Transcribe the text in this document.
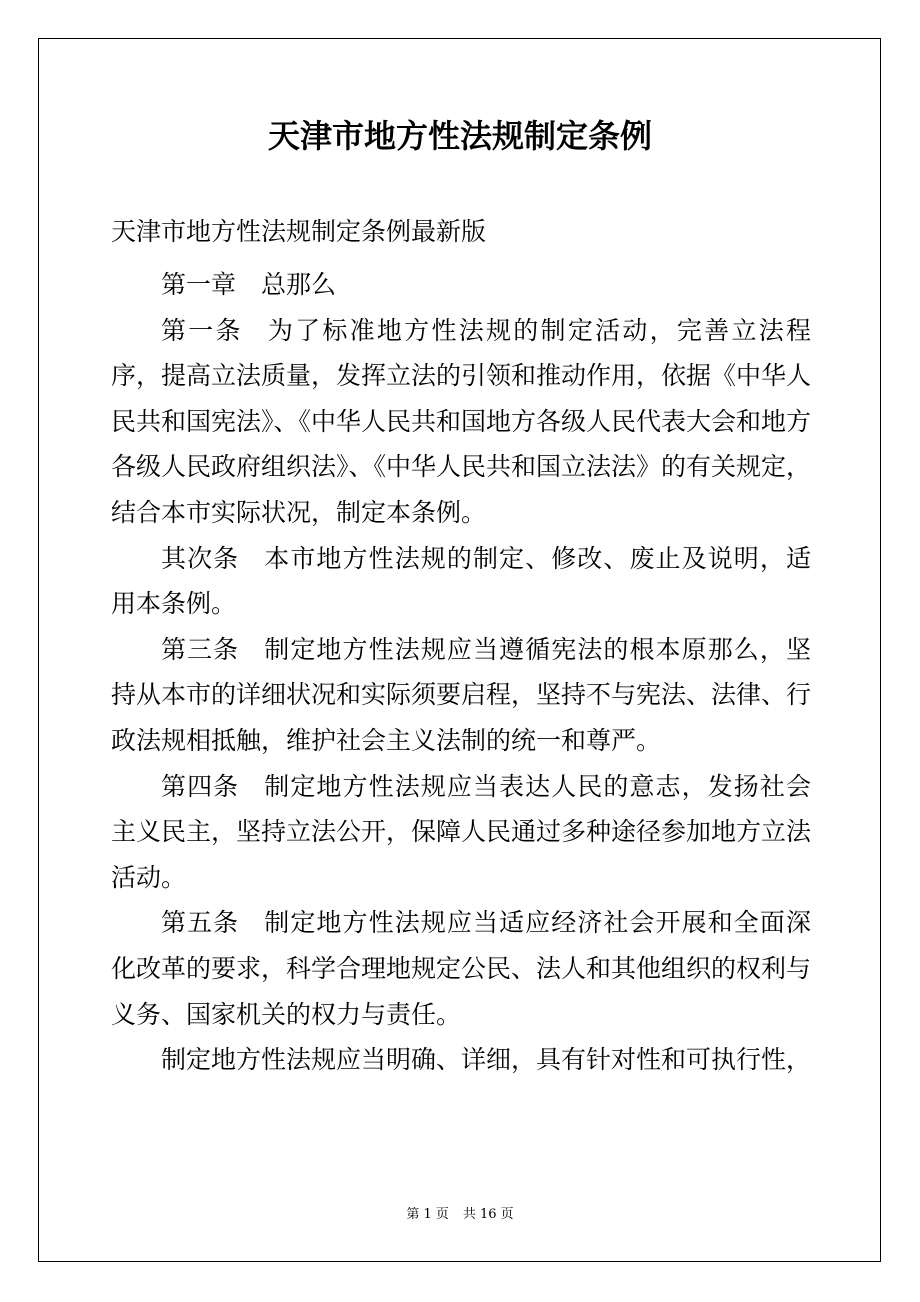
天津市地方性法规制定条例
天津市地方性法规制定条例最新版

第一章 总那么

第一条 为了标准地方性法规的制定活动，完善立法程序，提高立法质量，发挥立法的引领和推动作用，依据《中华人民共和国宪法》、《中华人民共和国地方各级人民代表大会和地方各级人民政府组织法》、《中华人民共和国立法法》的有关规定，结合本市实际状况，制定本条例。

其次条 本市地方性法规的制定、修改、废止及说明，适用本条例。

第三条 制定地方性法规应当遵循宪法的根本原那么，坚持从本市的详细状况和实际须要启程，坚持不与宪法、法律、行政法规相抵触，维护社会主义法制的统一和尊严。

第四条 制定地方性法规应当表达人民的意志，发扬社会主义民主，坚持立法公开，保障人民通过多种途径参加地方立法活动。

第五条 制定地方性法规应当适应经济社会开展和全面深化改革的要求，科学合理地规定公民、法人和其他组织的权利与义务、国家机关的权力与责任。

制定地方性法规应当明确、详细，具有针对性和可执行性，

第 1 页 共 16 页
